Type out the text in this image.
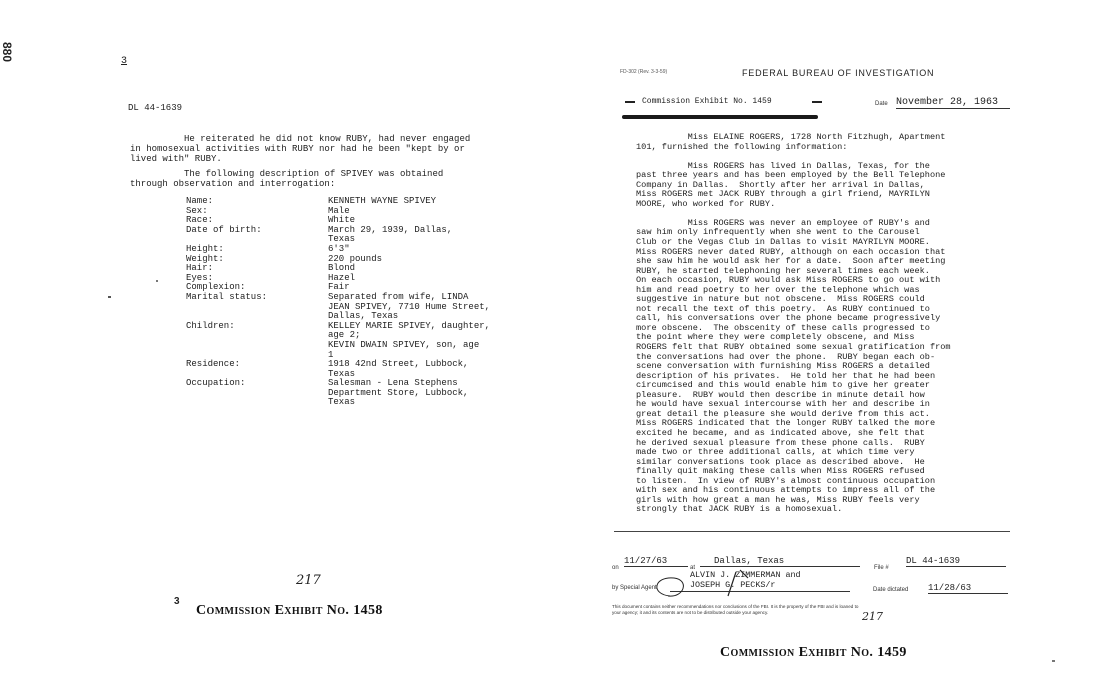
880	3
DL 44-1639
He reiterated he did not know RUBY, had never engaged
in homosexual activities with RUBY nor had he been "kept by or
lived with" RUBY.
The following description of SPIVEY was obtained
through observation and interrogation:
Name:	KENNETH WAYNE SPIVEY
Sex:	Male
Race:	White
Date of birth:	March 29, 1939, Dallas,
Texas
Height:	6'3"
Weight:	220 pounds
Hair:	Blond
Eyes:	Hazel
Complexion:	Fair
Marital status:	Separated from wife, LINDA
JEAN SPIVEY, 7710 Hume Street,
Dallas, Texas
Children:	KELLEY MARIE SPIVEY, daughter,
age 2;
KEVIN DWAIN SPIVEY, son, age
1
Residence:	1918 42nd Street, Lubbock,
Texas
Occupation:	Salesman - Lena Stephens
Department Store, Lubbock,
Texas
217
3
Commission Exhibit No. 1458
FD-302 (Rev. 3-3-59)	FEDERAL BUREAU OF INVESTIGATION
Commission Exhibit No. 1459	Date November 28, 1963
Miss ELAINE ROGERS, 1728 North Fitzhugh, Apartment
101, furnished the following information:

Miss ROGERS has lived in Dallas, Texas, for the
past three years and has been employed by the Bell Telephone
Company in Dallas.  Shortly after her arrival in Dallas,
Miss ROGERS met JACK RUBY through a girl friend, MAYRILYN
MOORE, who worked for RUBY.

Miss ROGERS was never an employee of RUBY's and
saw him only infrequently when she went to the Carousel
Club or the Vegas Club in Dallas to visit MAYRILYN MOORE.
Miss ROGERS never dated RUBY, although on each occasion that
she saw him he would ask her for a date.  Soon after meeting
RUBY, he started telephoning her several times each week.
On each occasion, RUBY would ask Miss ROGERS to go out with
him and read poetry to her over the telephone which was
suggestive in nature but not obscene.  Miss ROGERS could
not recall the text of this poetry.  As RUBY continued to
call, his conversations over the phone became progressively
more obscene.  The obscenity of these calls progressed to
the point where they were completely obscene, and Miss
ROGERS felt that RUBY obtained some sexual gratification from
the conversations had over the phone.  RUBY began each ob-
scene conversation with furnishing Miss ROGERS a detailed
description of his privates.  He told her that he had been
circumcised and this would enable him to give her greater
pleasure.  RUBY would then describe in minute detail how
he would have sexual intercourse with her and describe in
great detail the pleasure she would derive from this act.
Miss ROGERS indicated that the longer RUBY talked the more
excited he became, and as indicated above, she felt that
he derived sexual pleasure from these phone calls.  RUBY
made two or three additional calls, at which time very
similar conversations took place as described above.  He
finally quit making these calls when Miss ROGERS refused
to listen.  In view of RUBY's almost continuous occupation
with sex and his continuous attempts to impress all of the
girls with how great a man he was, Miss RUBY feels very
strongly that JACK RUBY is a homosexual.
on
11/27/63
at
Dallas, Texas
File #
DL 44-1639
ALVIN J. ZIMMERMAN and
JOSEPH G. PECKS/r
by Special Agent	Date dictated 11/28/63
This document contains neither recommendations nor conclusions of the FBI. It is the property of the FBI and is loaned to
your agency; it and its contents are not to be distributed outside your agency.	217
Commission Exhibit No. 1459
